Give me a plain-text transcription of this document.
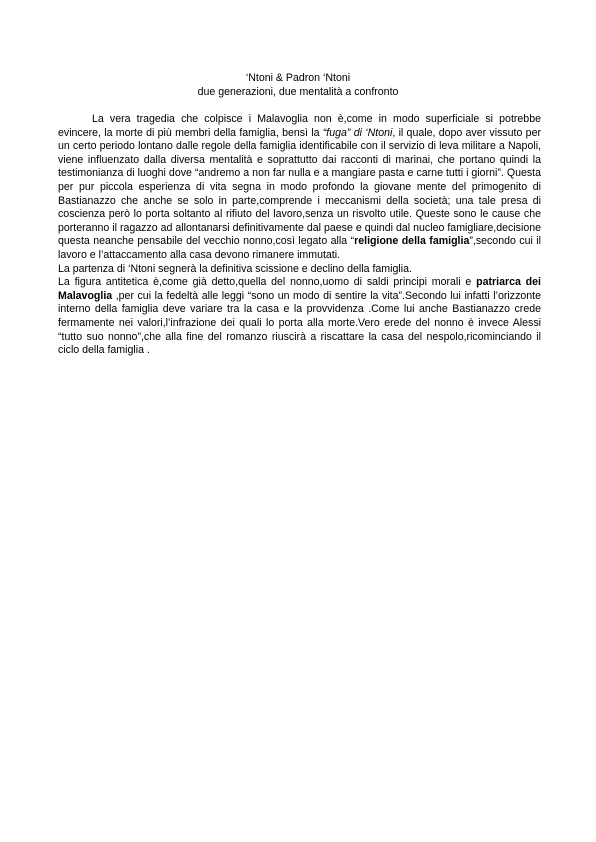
‘Ntoni & Padron ‘Ntoni
due generazioni, due mentalità a confronto

La vera tragedia che colpisce i Malavoglia non è,come in modo superficiale si potrebbe evincere, la morte di più membri della famiglia, bensì la “fuga” di ‘Ntoni, il quale, dopo aver vissuto per un certo periodo lontano dalle regole della famiglia identificabile con il servizio di leva militare a Napoli, viene influenzato dalla diversa mentalità e soprattutto dai racconti di marinai, che portano quindi la testimonianza di luoghi dove “andremo a non far nulla e a mangiare pasta e carne tutti i giorni”. Questa per pur piccola esperienza di vita segna in modo profondo la giovane mente del primogenito di Bastianazzo che anche se solo in parte,comprende i meccanismi della società; una tale presa di coscienza però lo porta soltanto al rifiuto del lavoro,senza un risvolto utile. Queste sono le cause che porteranno il ragazzo ad allontanarsi definitivamente dal paese e quindi dal nucleo famigliare,decisione questa neanche pensabile del vecchio nonno,così legato alla “religione della famiglia”,secondo cui il lavoro e l’attaccamento alla casa devono rimanere immutati.

La partenza di ‘Ntoni segnerà la definitiva scissione e declino della famiglia.

La figura antitetica è,come già detto,quella del nonno,uomo di saldi principi morali e patriarca dei Malavoglia ,per cui la fedeltà alle leggi “sono un modo di sentire la vita”.Secondo lui infatti l’orizzonte interno della famiglia deve variare tra la casa e la provvidenza .Come lui anche Bastianazzo crede fermamente nei valori,l’infrazione dei quali lo porta alla morte.Vero erede del nonno è invece Alessi “tutto suo nonno”,che alla fine del romanzo riuscirà a riscattare la casa del nespolo,ricominciando il ciclo della famiglia .
